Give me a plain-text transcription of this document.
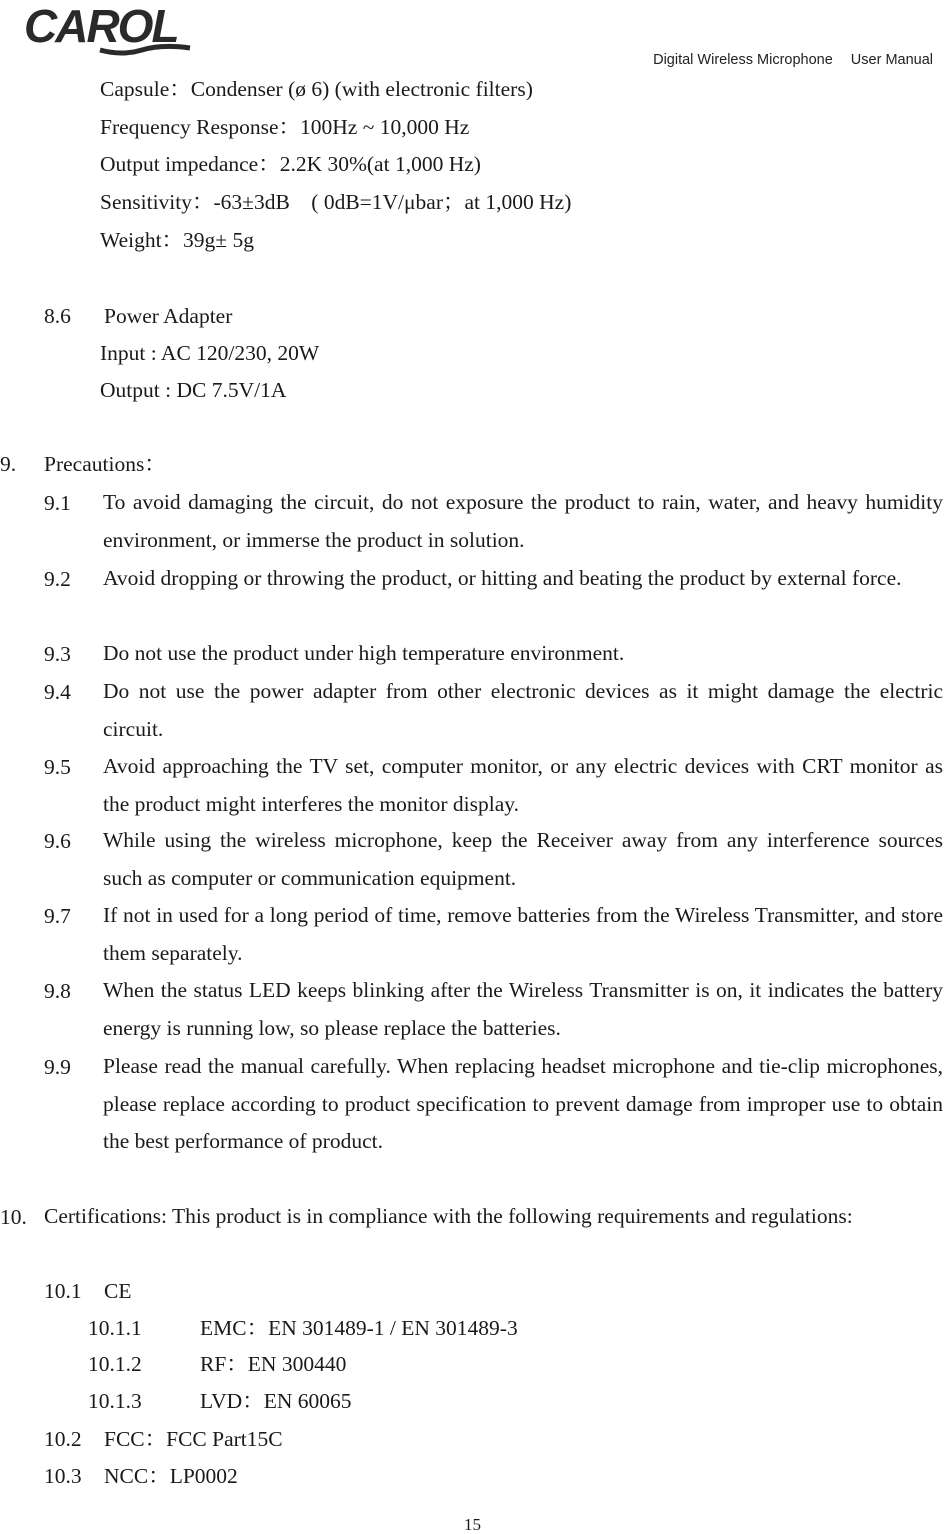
CAROL
Digital Wireless Microphone User Manual
Capsule：Condenser (ø 6) (with electronic filters)
Frequency Response：100Hz ~ 10,000 Hz
Output impedance：2.2K 30%(at 1,000 Hz)
Sensitivity：-63±3dB　( 0dB=1V/μbar；at 1,000 Hz)
Weight：39g± 5g
8.6 Power Adapter
Input : AC 120/230, 20W
Output : DC 7.5V/1A
9. Precautions：
9.1 To avoid damaging the circuit, do not exposure the product to rain, water, and heavy humidity environment, or immerse the product in solution.
9.2 Avoid dropping or throwing the product, or hitting and beating the product by external force.
9.3 Do not use the product under high temperature environment.
9.4 Do not use the power adapter from other electronic devices as it might damage the electric circuit.
9.5 Avoid approaching the TV set, computer monitor, or any electric devices with CRT monitor as the product might interferes the monitor display.
9.6 While using the wireless microphone, keep the Receiver away from any interference sources such as computer or communication equipment.
9.7 If not in used for a long period of time, remove batteries from the Wireless Transmitter, and store them separately.
9.8 When the status LED keeps blinking after the Wireless Transmitter is on, it indicates the battery energy is running low, so please replace the batteries.
9.9 Please read the manual carefully. When replacing headset microphone and tie-clip microphones, please replace according to product specification to prevent damage from improper use to obtain the best performance of product.
10. Certifications: This product is in compliance with the following requirements and regulations:
10.1 CE
10.1.1	EMC：EN 301489-1 / EN 301489-3
10.1.2	RF：EN 300440
10.1.3	LVD：EN 60065
10.2 FCC：FCC Part15C
10.3 NCC：LP0002
15
